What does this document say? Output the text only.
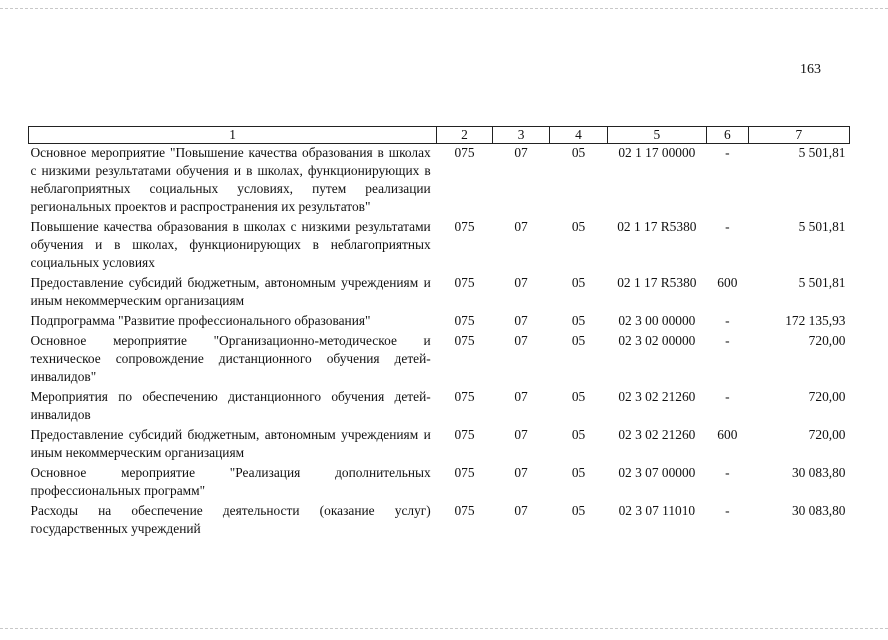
163
1	2	3	4	5	6	7
Основное мероприятие "Повышение качества образования в школах с низкими результатами обучения и в школах, функционирующих в неблагоприятных социальных условиях, путем реализации региональных проектов и распространения их результатов"	075	07	05	02 1 17 00000	-	5 501,81
Повышение качества образования в школах с низкими результатами обучения и в школах, функционирующих в неблагоприятных социальных условиях	075	07	05	02 1 17 R5380	-	5 501,81
Предоставление субсидий бюджетным, автономным учреждениям и иным некоммерческим организациям	075	07	05	02 1 17 R5380	600	5 501,81
Подпрограмма "Развитие профессионального образования"	075	07	05	02 3 00 00000	-	172 135,93
Основное мероприятие "Организационно-методическое и техническое сопровождение дистанционного обучения детей-инвалидов"	075	07	05	02 3 02 00000	-	720,00
Мероприятия по обеспечению дистанционного обучения детей-инвалидов	075	07	05	02 3 02 21260	-	720,00
Предоставление субсидий бюджетным, автономным учреждениям и иным некоммерческим организациям	075	07	05	02 3 02 21260	600	720,00
Основное мероприятие "Реализация дополнительных профессиональных программ"	075	07	05	02 3 07 00000	-	30 083,80
Расходы на обеспечение деятельности (оказание услуг) государственных учреждений	075	07	05	02 3 07 11010	-	30 083,80
